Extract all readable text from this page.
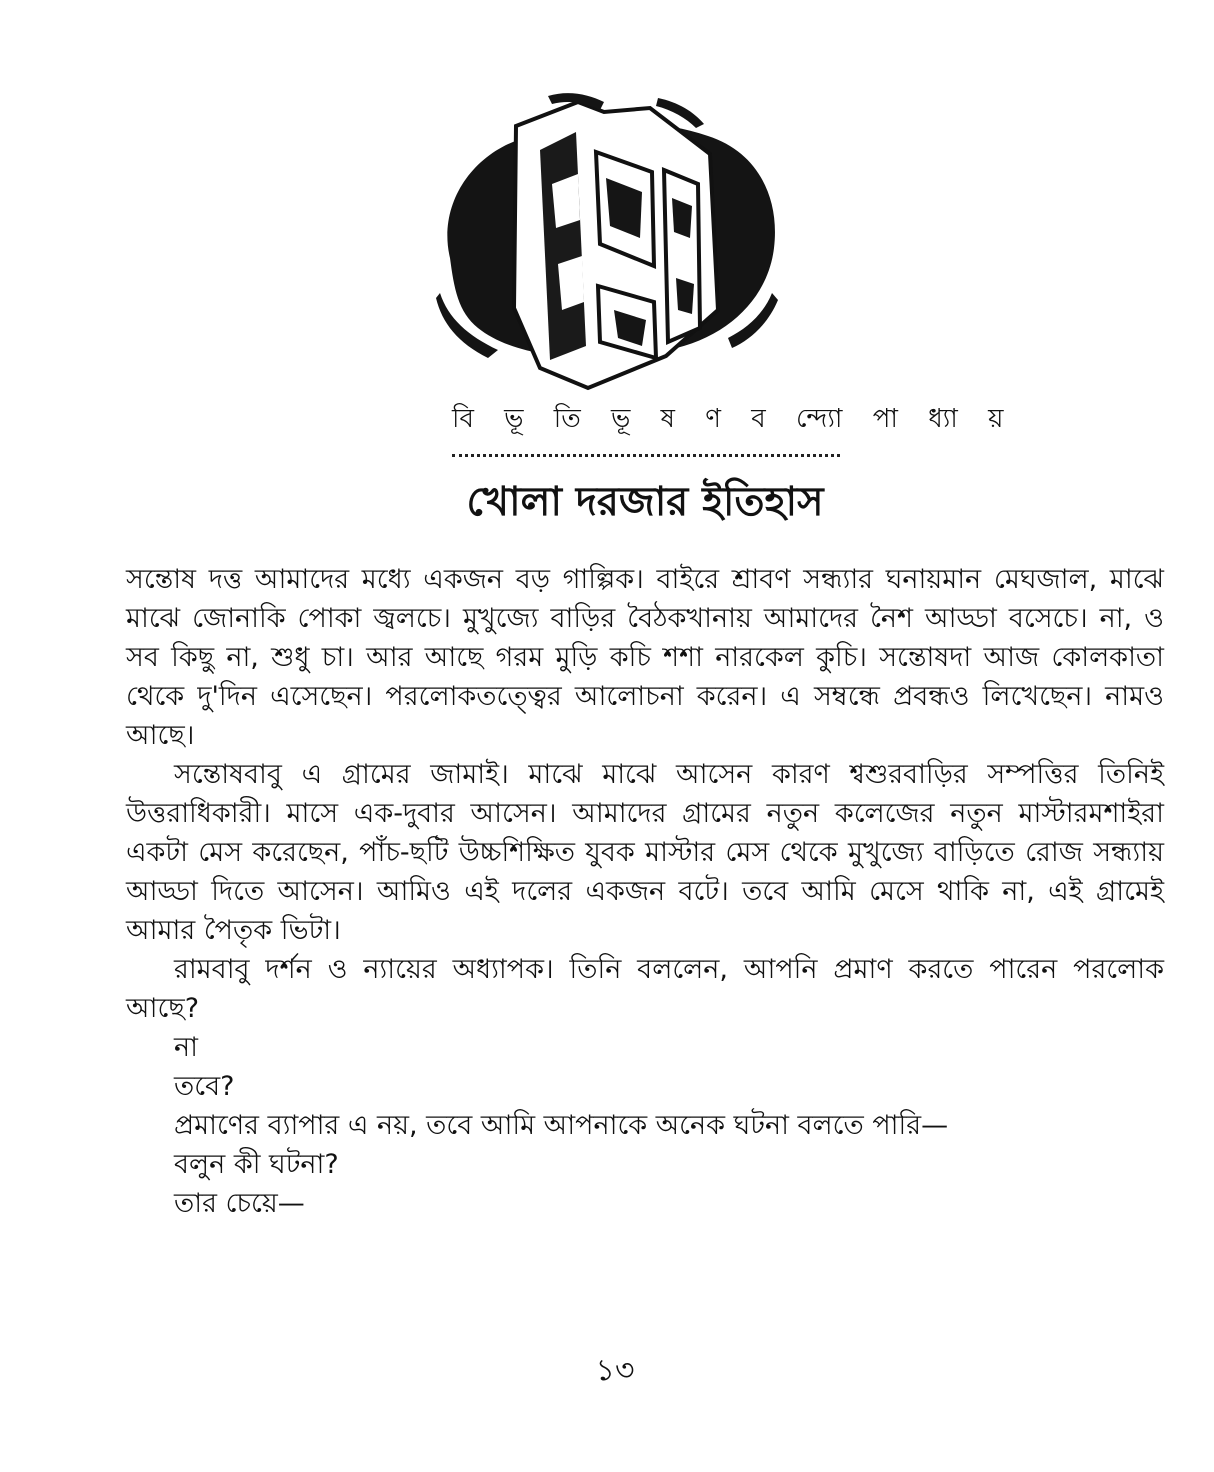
বি ভূ তি ভূ ষ ণ ব ন্দ্যো পা ধ্যা য়
খোলা দরজার ইতিহাস

সন্তোষ দত্ত আমাদের মধ্যে একজন বড় গাল্পিক। বাইরে শ্রাবণ সন্ধ্যার ঘনায়মান মেঘজাল, মাঝে মাঝে জোনাকি পোকা জ্বলচে। মুখুজ্যে বাড়ির বৈঠকখানায় আমাদের নৈশ আড্ডা বসেচে। না, ও সব কিছু না, শুধু চা। আর আছে গরম মুড়ি কচি শশা নারকেল কুচি। সন্তোষদা আজ কোলকাতা থেকে দু'দিন এসেছেন। পরলোকতত্ত্বের আলোচনা করেন। এ সম্বন্ধে প্রবন্ধও লিখেছেন। নামও আছে।

সন্তোষবাবু এ গ্রামের জামাই। মাঝে মাঝে আসেন কারণ শ্বশুরবাড়ির সম্পত্তির তিনিই উত্তরাধিকারী। মাসে এক-দুবার আসেন। আমাদের গ্রামের নতুন কলেজের নতুন মাস্টারমশাইরা একটা মেস করেছেন, পাঁচ-ছটি উচ্চশিক্ষিত যুবক মাস্টার মেস থেকে মুখুজ্যে বাড়িতে রোজ সন্ধ্যায় আড্ডা দিতে আসেন। আমিও এই দলের একজন বটে। তবে আমি মেসে থাকি না, এই গ্রামেই আমার পৈতৃক ভিটা।

রামবাবু দর্শন ও ন্যায়ের অধ্যাপক। তিনি বললেন, আপনি প্রমাণ করতে পারেন পরলোক আছে?

না

তবে?

প্রমাণের ব্যাপার এ নয়, তবে আমি আপনাকে অনেক ঘটনা বলতে পারি—

বলুন কী ঘটনা?

তার চেয়ে—

১৩
